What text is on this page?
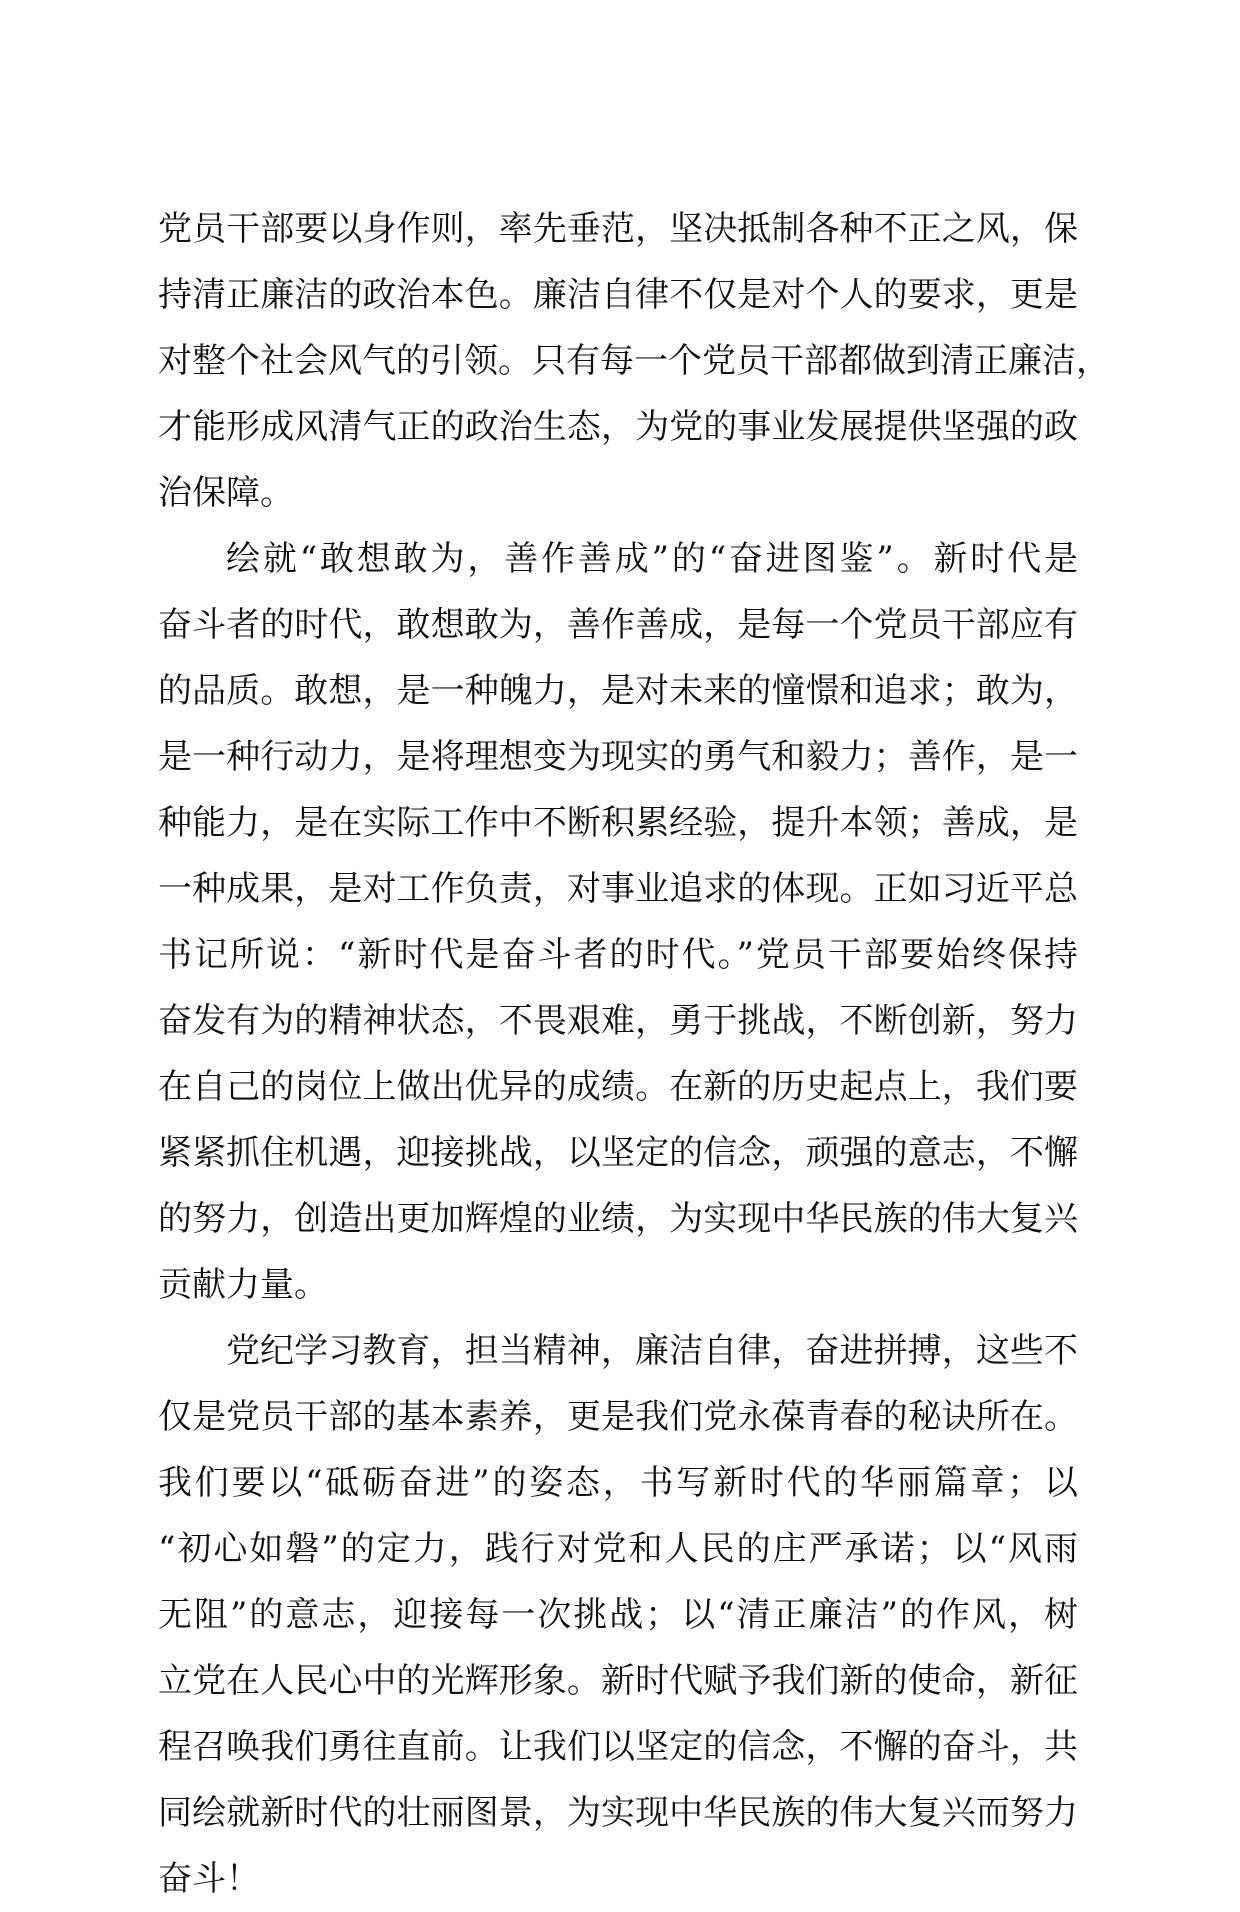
党员干部要以身作则，率先垂范，坚决抵制各种不正之风，保
持清正廉洁的政治本色。廉洁自律不仅是对个人的要求，更是
对整个社会风气的引领。只有每一个党员干部都做到清正廉洁，
才能形成风清气正的政治生态，为党的事业发展提供坚强的政
治保障。
绘就“敢想敢为，善作善成”的“奋进图鉴”。新时代是
奋斗者的时代，敢想敢为，善作善成，是每一个党员干部应有
的品质。敢想，是一种魄力，是对未来的憧憬和追求；敢为，
是一种行动力，是将理想变为现实的勇气和毅力；善作，是一
种能力，是在实际工作中不断积累经验，提升本领；善成，是
一种成果，是对工作负责，对事业追求的体现。正如习近平总
书记所说：“新时代是奋斗者的时代。”党员干部要始终保持
奋发有为的精神状态，不畏艰难，勇于挑战，不断创新，努力
在自己的岗位上做出优异的成绩。在新的历史起点上，我们要
紧紧抓住机遇，迎接挑战，以坚定的信念，顽强的意志，不懈
的努力，创造出更加辉煌的业绩，为实现中华民族的伟大复兴
贡献力量。
党纪学习教育，担当精神，廉洁自律，奋进拼搏，这些不
仅是党员干部的基本素养，更是我们党永葆青春的秘诀所在。
我们要以“砥砺奋进”的姿态，书写新时代的华丽篇章；以
“初心如磐”的定力，践行对党和人民的庄严承诺；以“风雨
无阻”的意志，迎接每一次挑战；以“清正廉洁”的作风，树
立党在人民心中的光辉形象。新时代赋予我们新的使命，新征
程召唤我们勇往直前。让我们以坚定的信念，不懈的奋斗，共
同绘就新时代的壮丽图景，为实现中华民族的伟大复兴而努力
奋斗！
